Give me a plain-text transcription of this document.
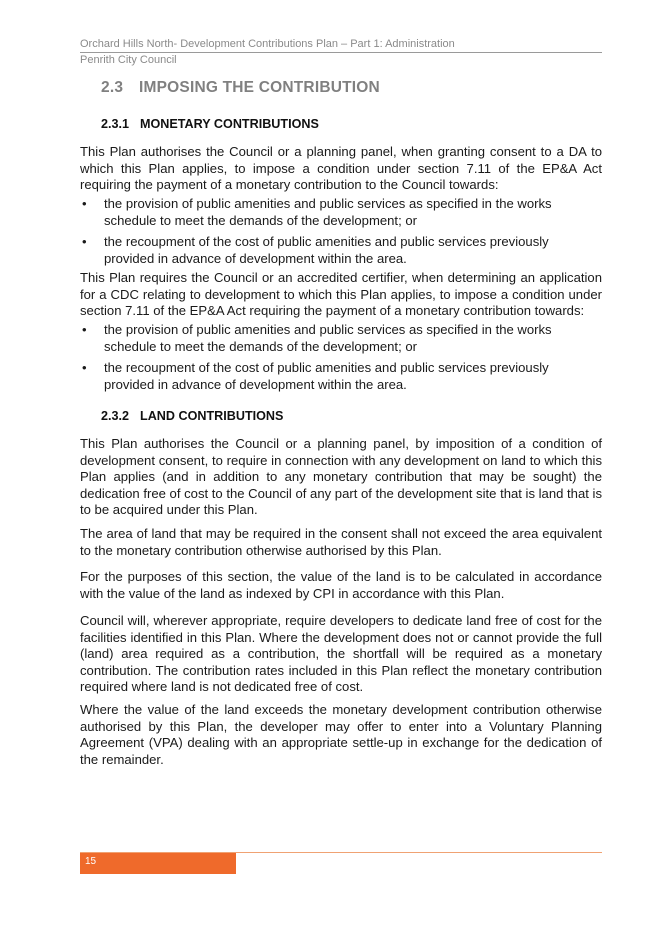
Orchard Hills North- Development Contributions Plan – Part 1: Administration
Penrith City Council
2.3 IMPOSING THE CONTRIBUTION
2.3.1 MONETARY CONTRIBUTIONS

This Plan authorises the Council or a planning panel, when granting consent to a DA to which this Plan applies, to impose a condition under section 7.11 of the EP&A Act requiring the payment of a monetary contribution to the Council towards:

• the provision of public amenities and public services as specified in the works schedule to meet the demands of the development; or
• the recoupment of the cost of public amenities and public services previously provided in advance of development within the area.

This Plan requires the Council or an accredited certifier, when determining an application for a CDC relating to development to which this Plan applies, to impose a condition under section 7.11 of the EP&A Act requiring the payment of a monetary contribution towards:

• the provision of public amenities and public services as specified in the works schedule to meet the demands of the development; or
• the recoupment of the cost of public amenities and public services previously provided in advance of development within the area.
2.3.2 LAND CONTRIBUTIONS

This Plan authorises the Council or a planning panel, by imposition of a condition of development consent, to require in connection with any development on land to which this Plan applies (and in addition to any monetary contribution that may be sought) the dedication free of cost to the Council of any part of the development site that is land that is to be acquired under this Plan.

The area of land that may be required in the consent shall not exceed the area equivalent to the monetary contribution otherwise authorised by this Plan.

For the purposes of this section, the value of the land is to be calculated in accordance with the value of the land as indexed by CPI in accordance with this Plan.

Council will, wherever appropriate, require developers to dedicate land free of cost for the facilities identified in this Plan. Where the development does not or cannot provide the full (land) area required as a contribution, the shortfall will be required as a monetary contribution. The contribution rates included in this Plan reflect the monetary contribution required where land is not dedicated free of cost.

Where the value of the land exceeds the monetary development contribution otherwise authorised by this Plan, the developer may offer to enter into a Voluntary Planning Agreement (VPA) dealing with an appropriate settle-up in exchange for the dedication of the remainder.

15
